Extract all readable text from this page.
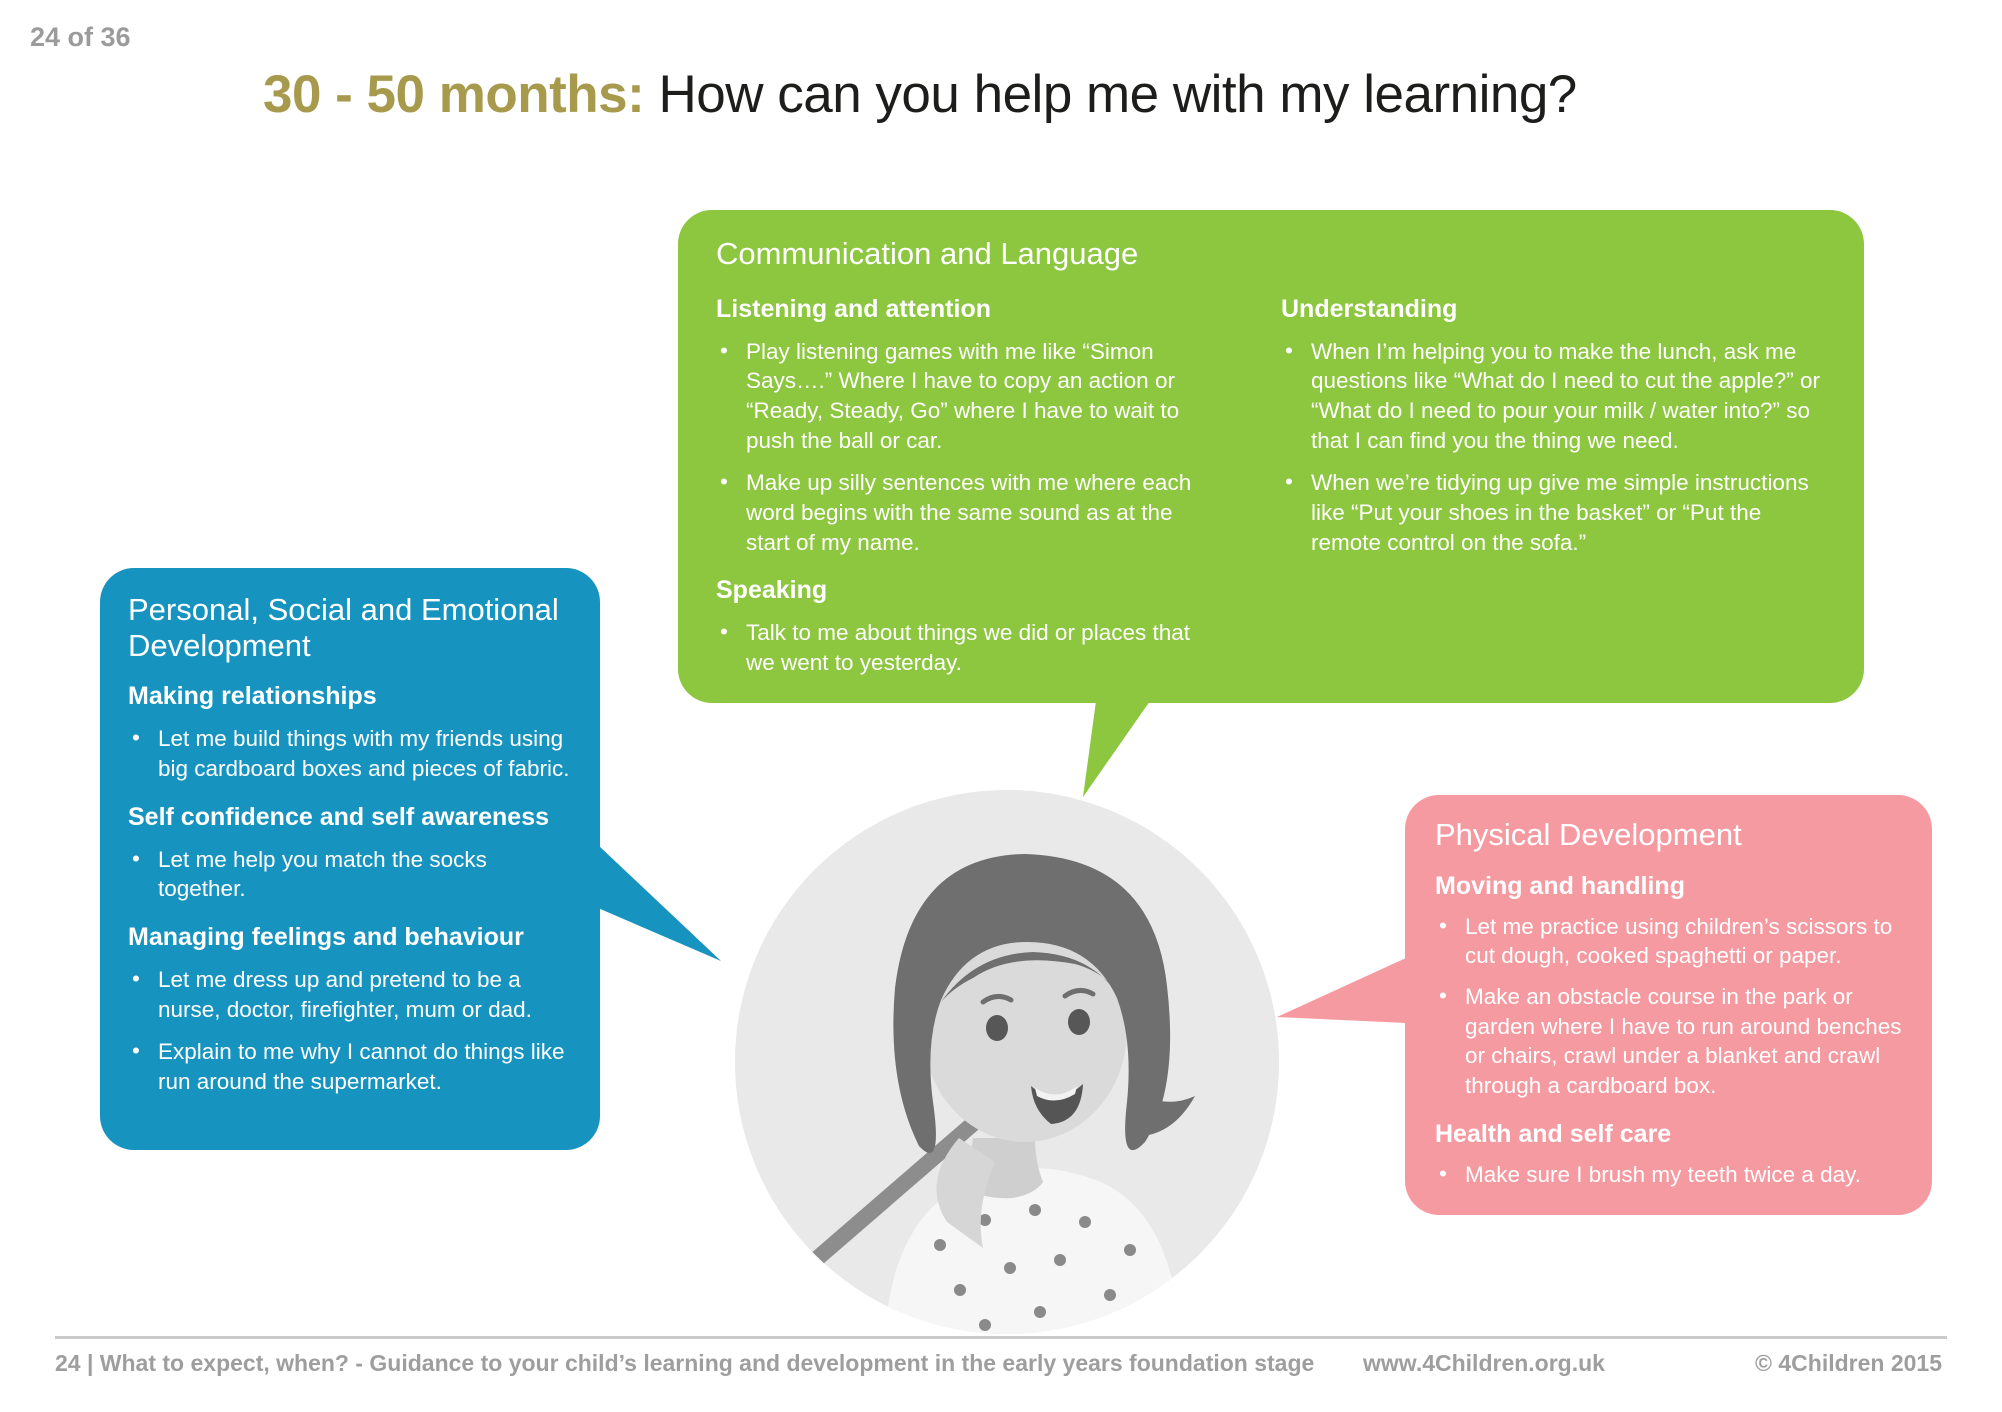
24 of 36
30 - 50 months: How can you help me with my learning?
Communication and Language
Listening and attention
• Play listening games with me like “Simon Says….” Where I have to copy an action or “Ready, Steady, Go” where I have to wait to push the ball or car.
• Make up silly sentences with me where each word begins with the same sound as at the start of my name.
Speaking
• Talk to me about things we did or places that we went to yesterday.
Understanding
• When I’m helping you to make the lunch, ask me questions like “What do I need to cut the apple?” or “What do I need to pour your milk / water into?” so that I can find you the thing we need.
• When we’re tidying up give me simple instructions like “Put your shoes in the basket” or “Put the remote control on the sofa.”
Personal, Social and Emotional Development
Making relationships
• Let me build things with my friends using big cardboard boxes and pieces of fabric.
Self confidence and self awareness
• Let me help you match the socks together.
Managing feelings and behaviour
• Let me dress up and pretend to be a nurse, doctor, firefighter, mum or dad.
• Explain to me why I cannot do things like run around the supermarket.
Physical Development
Moving and handling
• Let me practice using children’s scissors to cut dough, cooked spaghetti or paper.
• Make an obstacle course in the park or garden where I have to run around benches or chairs, crawl under a blanket and crawl through a cardboard box.
Health and self care
• Make sure I brush my teeth twice a day.
24 | What to expect, when? - Guidance to your child’s learning and development in the early years foundation stage www.4Children.org.uk	© 4Children 2015
